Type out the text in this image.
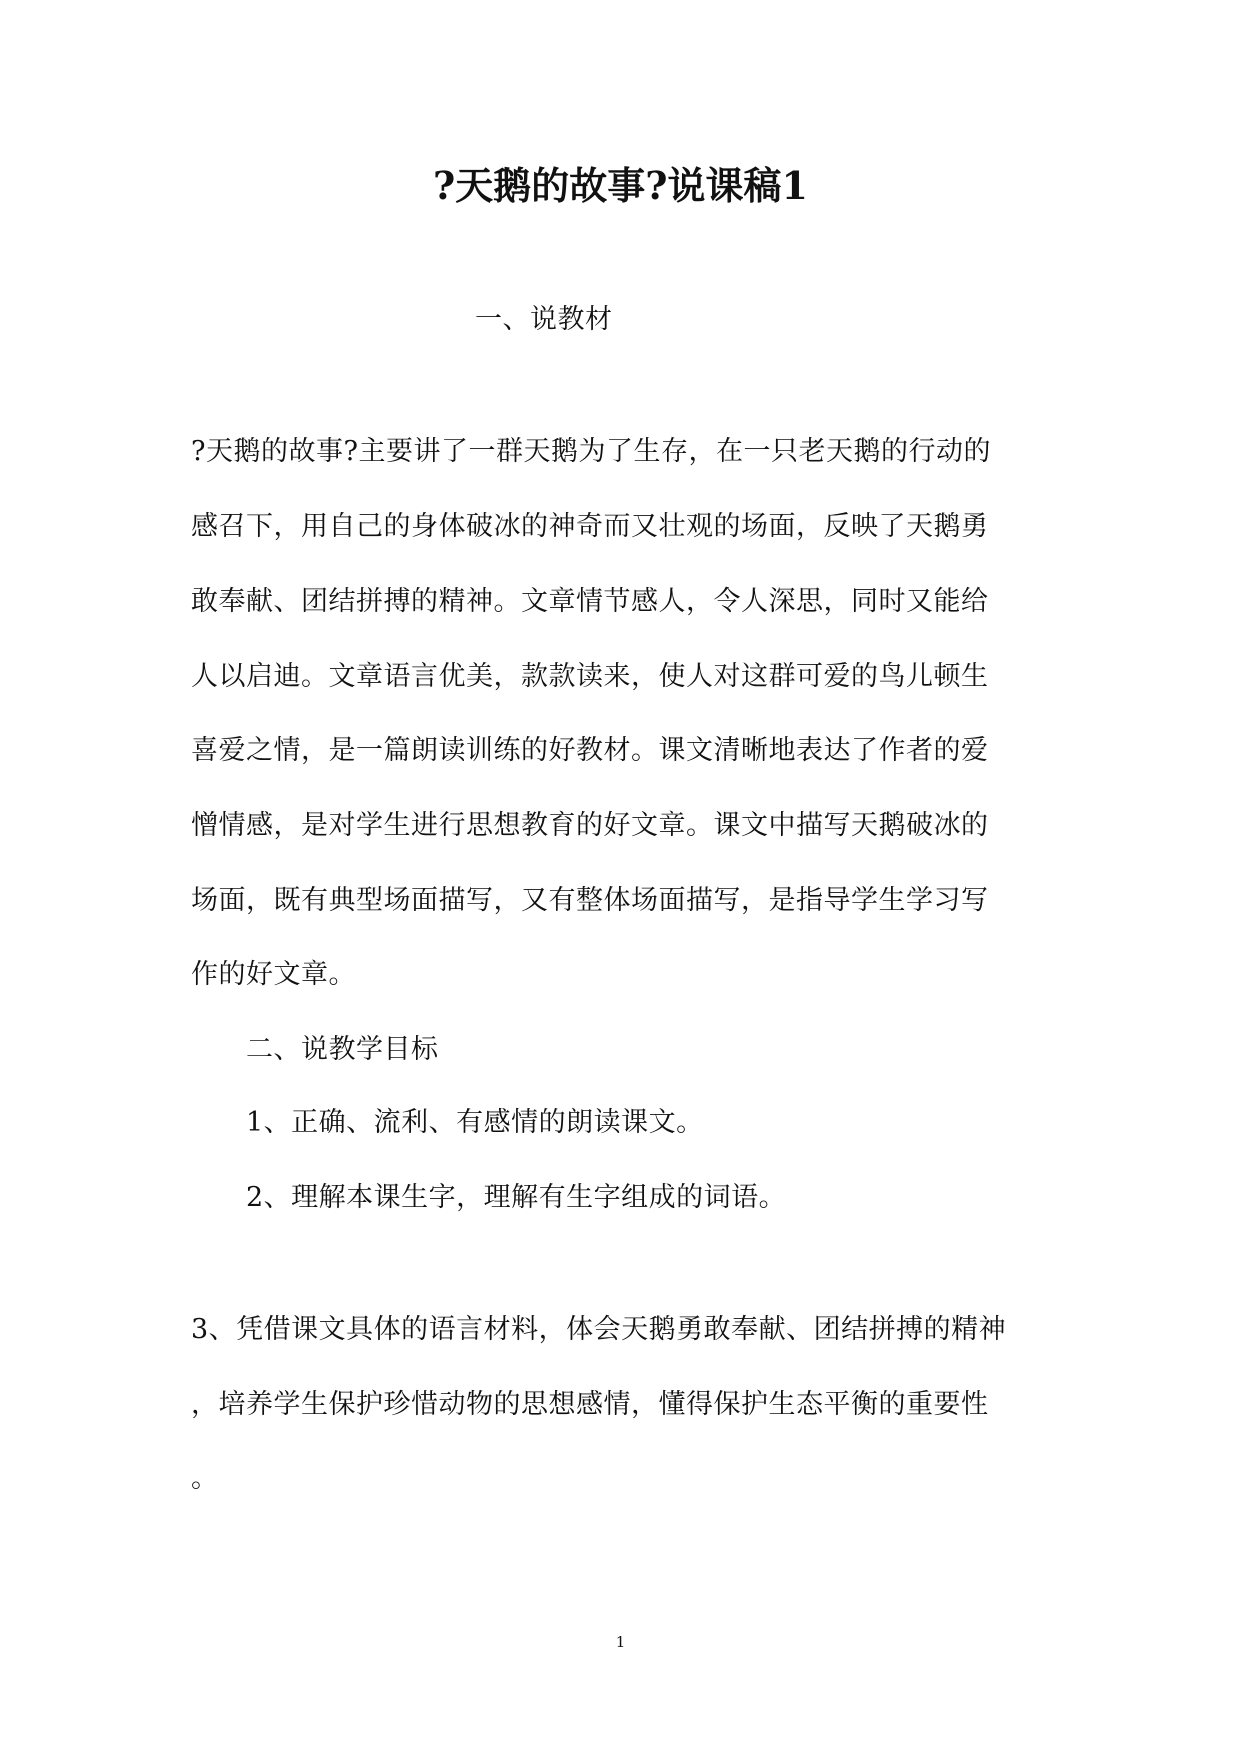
?天鹅的故事?说课稿1
一、说教材
?天鹅的故事?主要讲了一群天鹅为了生存，在一只老天鹅的行动的
感召下，用自己的身体破冰的神奇而又壮观的场面，反映了天鹅勇
敢奉献、团结拼搏的精神。文章情节感人，令人深思，同时又能给
人以启迪。文章语言优美，款款读来，使人对这群可爱的鸟儿顿生
喜爱之情，是一篇朗读训练的好教材。课文清晰地表达了作者的爱
憎情感，是对学生进行思想教育的好文章。课文中描写天鹅破冰的
场面，既有典型场面描写，又有整体场面描写，是指导学生学习写
作的好文章。
二、说教学目标
1、正确、流利、有感情的朗读课文。
2、理解本课生字，理解有生字组成的词语。
3、凭借课文具体的语言材料，体会天鹅勇敢奉献、团结拼搏的精神
，培养学生保护珍惜动物的思想感情，懂得保护生态平衡的重要性
。
1
